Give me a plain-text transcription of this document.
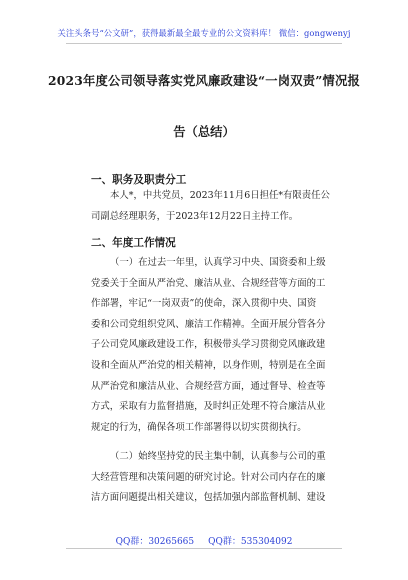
关注头条号“公文研”，获得最新最全最专业的公文资料库！ 微信：gongwenyj
2023年度公司领导落实党风廉政建设“一岗双责”情况报
告（总结）
一、职务及职责分工
本人*，中共党员，2023年11月6日担任*有限责任公
司副总经理职务，于2023年12月22日主持工作。
二、年度工作情况
（一）在过去一年里，认真学习中央、国资委和上级
党委关于全面从严治党、廉洁从业、合规经营等方面的工
作部署，牢记“一岗双责”的使命，深入贯彻中央、国资
委和公司党组织党风、廉洁工作精神。全面开展分管各分
子公司党风廉政建设工作，积极带头学习贯彻党风廉政建
设和全面从严治党的相关精神，以身作则，特别是在全面
从严治党和廉洁从业、合规经营方面，通过督导、检查等
方式，采取有力监督措施，及时纠正处理不符合廉洁从业
规定的行为，确保各项工作部署得以切实贯彻执行。
（二）始终坚持党的民主集中制，认真参与公司的重
大经营管理和决策问题的研究讨论。针对公司内存在的廉
洁方面问题提出相关建议，包括加强内部监督机制、建设
QQ群：30265665 QQ群：535304092
